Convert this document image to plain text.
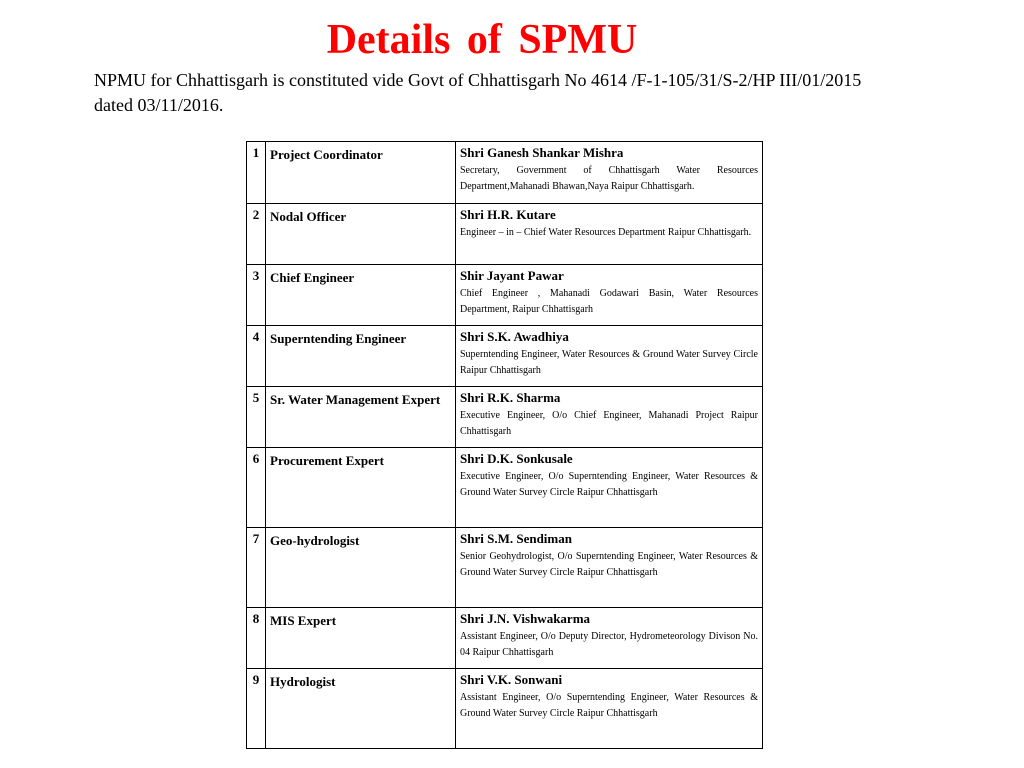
Details of SPMU
NPMU for Chhattisgarh is constituted vide Govt of Chhattisgarh No 4614 /F-1-105/31/S-2/HP III/01/2015 dated 03/11/2016.
1	Project Coordinator	Shri Ganesh Shankar Mishra
Secretary, Government of Chhattisgarh Water Resources Department,Mahanadi Bhawan,Naya Raipur Chhattisgarh.

2	Nodal Officer	Shri H.R. Kutare
Engineer – in – Chief Water Resources Department Raipur Chhattisgarh.

3	Chief Engineer	Shir Jayant Pawar
Chief Engineer , Mahanadi Godawari Basin, Water Resources Department, Raipur Chhattisgarh

4	Superntending Engineer	Shri S.K. Awadhiya
Superntending Engineer, Water Resources & Ground Water Survey Circle Raipur Chhattisgarh

5	Sr. Water Management Expert	Shri R.K. Sharma
Executive Engineer, O/o Chief Engineer, Mahanadi Project Raipur Chhattisgarh

6	Procurement Expert	Shri D.K. Sonkusale
Executive Engineer, O/o Superntending Engineer, Water Resources & Ground Water Survey Circle Raipur Chhattisgarh

7	Geo-hydrologist	Shri S.M. Sendiman
Senior Geohydrologist, O/o Superntending Engineer, Water Resources & Ground Water Survey Circle Raipur Chhattisgarh

8	MIS Expert	Shri J.N. Vishwakarma
Assistant Engineer, O/o Deputy Director, Hydrometeorology Divison No. 04 Raipur Chhattisgarh

9	Hydrologist	Shri V.K. Sonwani
Assistant Engineer, O/o Superntending Engineer, Water Resources & Ground Water Survey Circle Raipur Chhattisgarh
